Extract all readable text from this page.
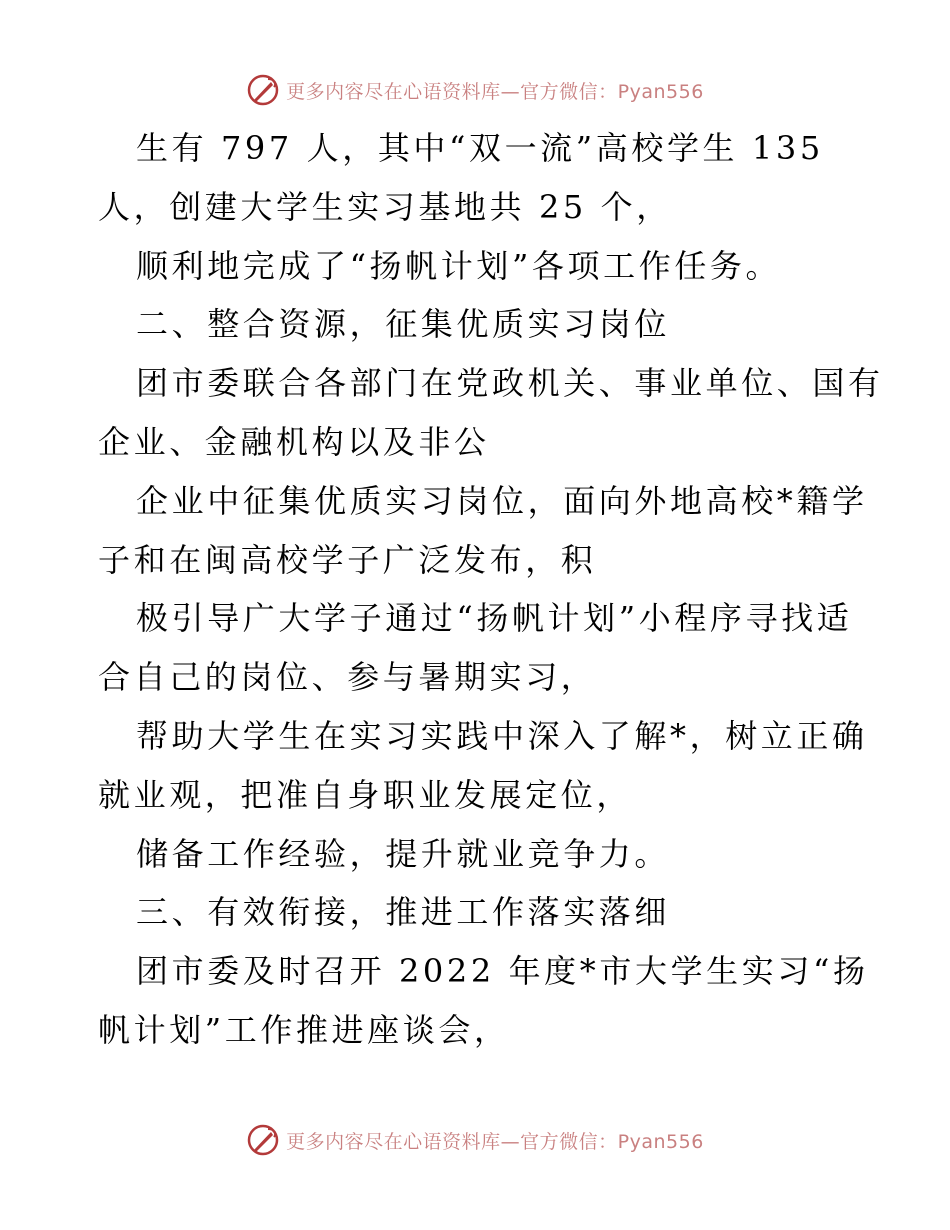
更多内容尽在心语资料库—官方微信：Pyan556
生有 797 人，其中“双一流”高校学生 135
人，创建大学生实习基地共 25 个，
顺利地完成了“扬帆计划”各项工作任务。
二、整合资源，征集优质实习岗位
团市委联合各部门在党政机关、事业单位、国有
企业、金融机构以及非公
企业中征集优质实习岗位，面向外地高校*籍学
子和在闽高校学子广泛发布，积
极引导广大学子通过“扬帆计划”小程序寻找适
合自己的岗位、参与暑期实习，
帮助大学生在实习实践中深入了解*，树立正确
就业观，把准自身职业发展定位，
储备工作经验，提升就业竞争力。
三、有效衔接，推进工作落实落细
团市委及时召开 2022 年度*市大学生实习“扬
帆计划”工作推进座谈会，
更多内容尽在心语资料库—官方微信：Pyan556
